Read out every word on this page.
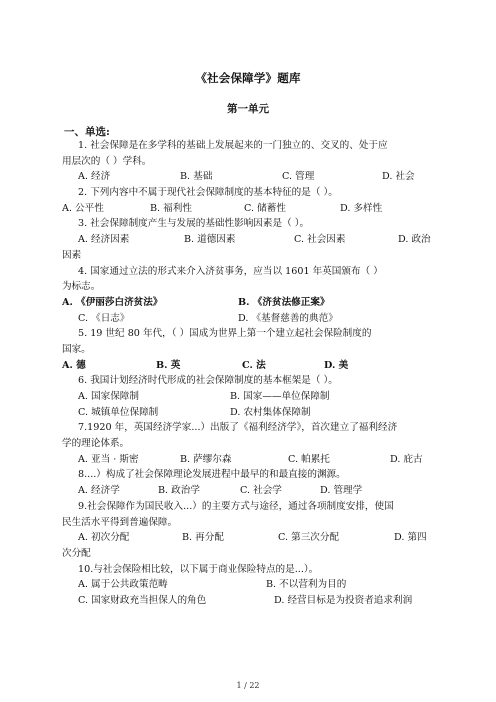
《社会保障学》题库
第一单元
一、单选:
1. 社会保障是在多学科的基础上发展起来的一门独立的、交叉的、处于应
用层次的（ ）学科。
A. 经济	B. 基础	C. 管理	D. 社会
2. 下列内容中不属于现代社会保障制度的基本特征的是（ ）。
A. 公平性	B. 福利性	C. 储蓄性	D. 多样性
3. 社会保障制度产生与发展的基础性影响因素是（ ）。
A. 经济因素	B. 道德因素	C. 社会因素	D. 政治
因素
4. 国家通过立法的形式来介入济贫事务，应当以 1601 年英国颁布（ ）
为标志。
A. 《伊丽莎白济贫法》	B. 《济贫法修正案》
C. 《日志》	D. 《基督慈善的典范》
5. 19 世纪 80 年代，（ ）国成为世界上第一个建立起社会保险制度的
国家。
A. 德	B. 英	C. 法	D. 美
6. 我国计划经济时代形成的社会保障制度的基本框架是（ ）。
A. 国家保障制	B. 国家——单位保障制
C. 城镇单位保障制	D. 农村集体保障制
7.1920 年，英国经济学家...）出版了《福利经济学》，首次建立了福利经济
学的理论体系。
A. 亚当 · 斯密	B. 萨缪尔森	C. 帕累托	D. 庇古
8....）构成了社会保障理论发展进程中最早的和最直接的渊源。
A. 经济学	B. 政治学	C. 社会学	D. 管理学
9.社会保障作为国民收入...）的主要方式与途径，通过各项制度安排，使国
民生活水平得到普遍保障。
A. 初次分配	B. 再分配	C. 第三次分配	D. 第四
次分配
10.与社会保险相比较，以下属于商业保险特点的是...）。
A. 属于公共政策范畴	B. 不以营利为目的
C. 国家财政充当担保人的角色	D. 经营目标是为投资者追求利润
1 / 22
